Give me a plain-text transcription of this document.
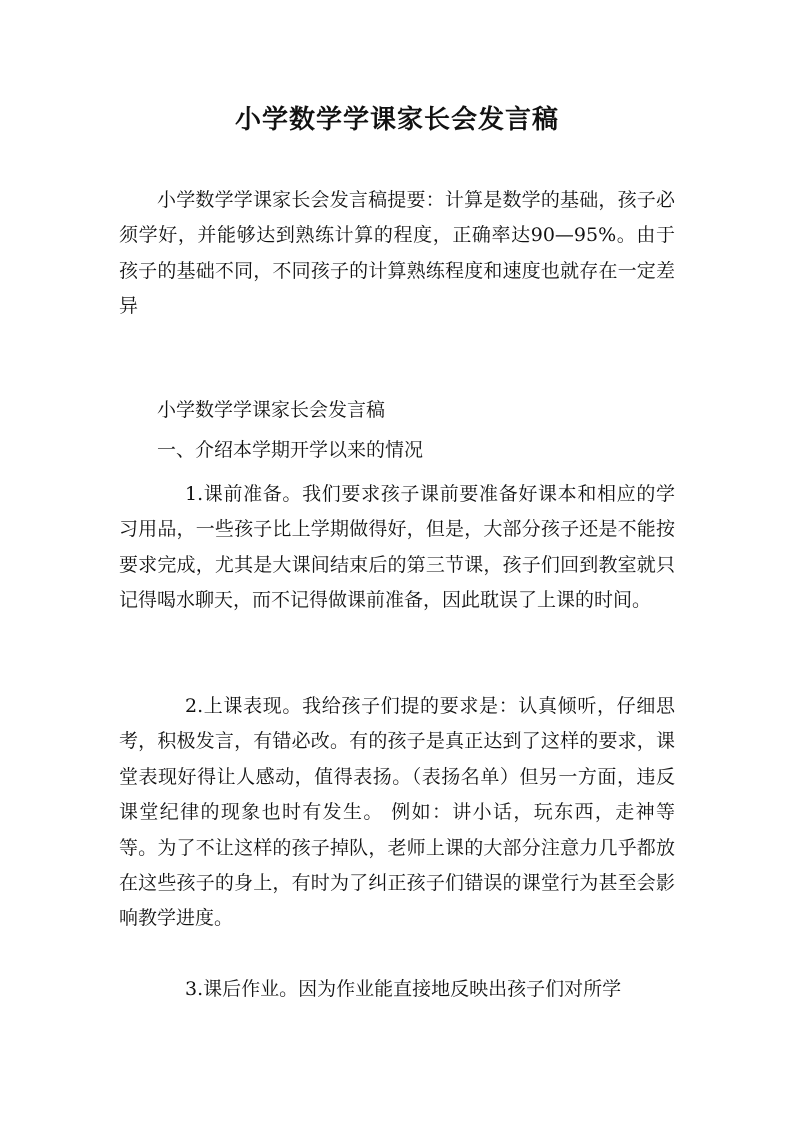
小学数学学课家长会发言稿

小学数学学课家长会发言稿提要：计算是数学的基础，孩子必须学好，并能够达到熟练计算的程度，正确率达90—95%。由于孩子的基础不同，不同孩子的计算熟练程度和速度也就存在一定差异

小学数学学课家长会发言稿

一、介绍本学期开学以来的情况

1.课前准备。我们要求孩子课前要准备好课本和相应的学习用品，一些孩子比上学期做得好，但是，大部分孩子还是不能按要求完成，尤其是大课间结束后的第三节课，孩子们回到教室就只记得喝水聊天，而不记得做课前准备，因此耽误了上课的时间。

2.上课表现。我给孩子们提的要求是：认真倾听，仔细思考，积极发言，有错必改。有的孩子是真正达到了这样的要求，课堂表现好得让人感动，值得表扬。（表扬名单）但另一方面，违反课堂纪律的现象也时有发生。 例如：讲小话，玩东西，走神等等。为了不让这样的孩子掉队，老师上课的大部分注意力几乎都放在这些孩子的身上，有时为了纠正孩子们错误的课堂行为甚至会影响教学进度。

3.课后作业。因为作业能直接地反映出孩子们对所学
